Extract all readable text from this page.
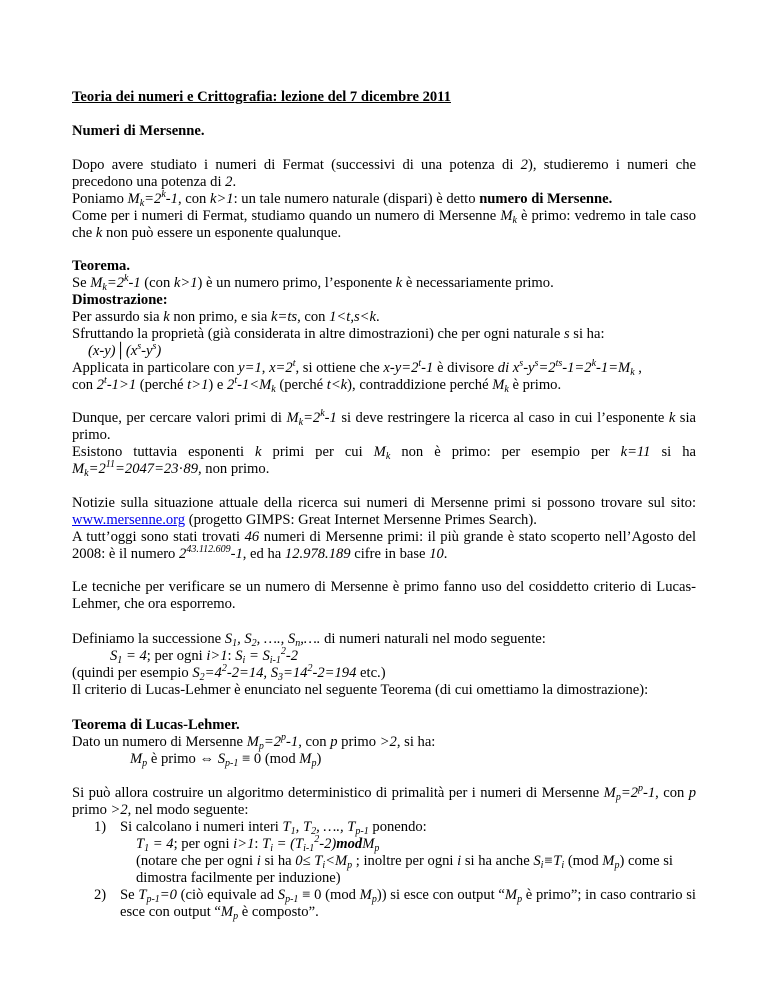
Teoria dei numeri e Crittografia: lezione del 7 dicembre 2011

Numeri di Mersenne.

Dopo avere studiato i numeri di Fermat (successivi di una potenza di 2), studieremo i numeri che precedono una potenza di 2.

Poniamo $M_k=2^k-1$, con k>1: un tale numero naturale (dispari) è detto numero di Mersenne.

Come per i numeri di Fermat, studiamo quando un numero di Mersenne $M_k$ è primo: vedremo in tale caso che k non può essere un esponente qualunque.

Teorema.

Se $M_k=2^k-1$ (con k>1) è un numero primo, l’esponente k è necessariamente primo.

Dimostrazione:

Per assurdo sia k non primo, e sia k=ts, con 1<t,s<k.

Sfruttando la proprietà (già considerata in altre dimostrazioni) che per ogni naturale s si ha:

$(x-y)│(x^s-y^s)$

Applicata in particolare con y=1, $x=2^t$, si ottiene che $x-y=2^t-1$ è divisore di $x^s-y^s=2^{ts}-1=2^k-1=M_k$ ,

con $2^t-1>1$ (perché t>1) e $2^t-1<M_k$ (perché t<k), contraddizione perché $M_k$ è primo.

Dunque, per cercare valori primi di $M_k=2^k-1$ si deve restringere la ricerca al caso in cui l’esponente k sia primo.

Esistono tuttavia esponenti k primi per cui $M_k$ non è primo: per esempio per k=11 si ha $M_k=2^{11}=2047=23\cdot 89$, non primo.

Notizie sulla situazione attuale della ricerca sui numeri di Mersenne primi si possono trovare sul sito: www.mersenne.org (progetto GIMPS: Great Internet Mersenne Primes Search).

A tutt’oggi sono stati trovati 46 numeri di Mersenne primi: il più grande è stato scoperto nell’Agosto del 2008: è il numero $2^{43.112.609}-1$, ed ha 12.978.189 cifre in base 10.

Le tecniche per verificare se un numero di Mersenne è primo fanno uso del cosiddetto criterio di Lucas-Lehmer, che ora esporremo.

Definiamo la successione $S_1$, $S_2$, …., $S_n,\dots$. di numeri naturali nel modo seguente:

$S_1 = 4$; per ogni i>1: $S_i = S_{i-1}^2-2$

(quindi per esempio $S_2=4^2-2=14$, $S_3=14^2-2=194$ etc.)

Il criterio di Lucas-Lehmer è enunciato nel seguente Teorema (di cui omettiamo la dimostrazione):

Teorema di Lucas-Lehmer.

Dato un numero di Mersenne $M_p=2^p-1$, con p primo >2, si ha:

$M_p$ è primo ⇔ $S_{p-1} \equiv 0$ (mod $M_p$)

Si può allora costruire un algoritmo deterministico di primalità per i numeri di Mersenne $M_p=2^p-1$, con p primo >2, nel modo seguente:

1) Si calcolano i numeri interi $T_1$, $T_2$, …., $T_{p-1}$ ponendo:

$T_1 = 4$; per ogni i>1: $T_i$ = $(T_{i-1}^2-2)modM_p$

(notare che per ogni i si ha $0\le T_i<M_p$ ; inoltre per ogni i si ha anche $S_i\equiv T_i$ (mod $M_p$) come si

dimostra facilmente per induzione)

2) Se $T_{p-1}=0$ (ciò equivale ad $S_{p-1} \equiv 0$ (mod $M_p$)) si esce con output “$M_p$ è primo”; in caso contrario si esce con output “$M_p$ è composto”.
